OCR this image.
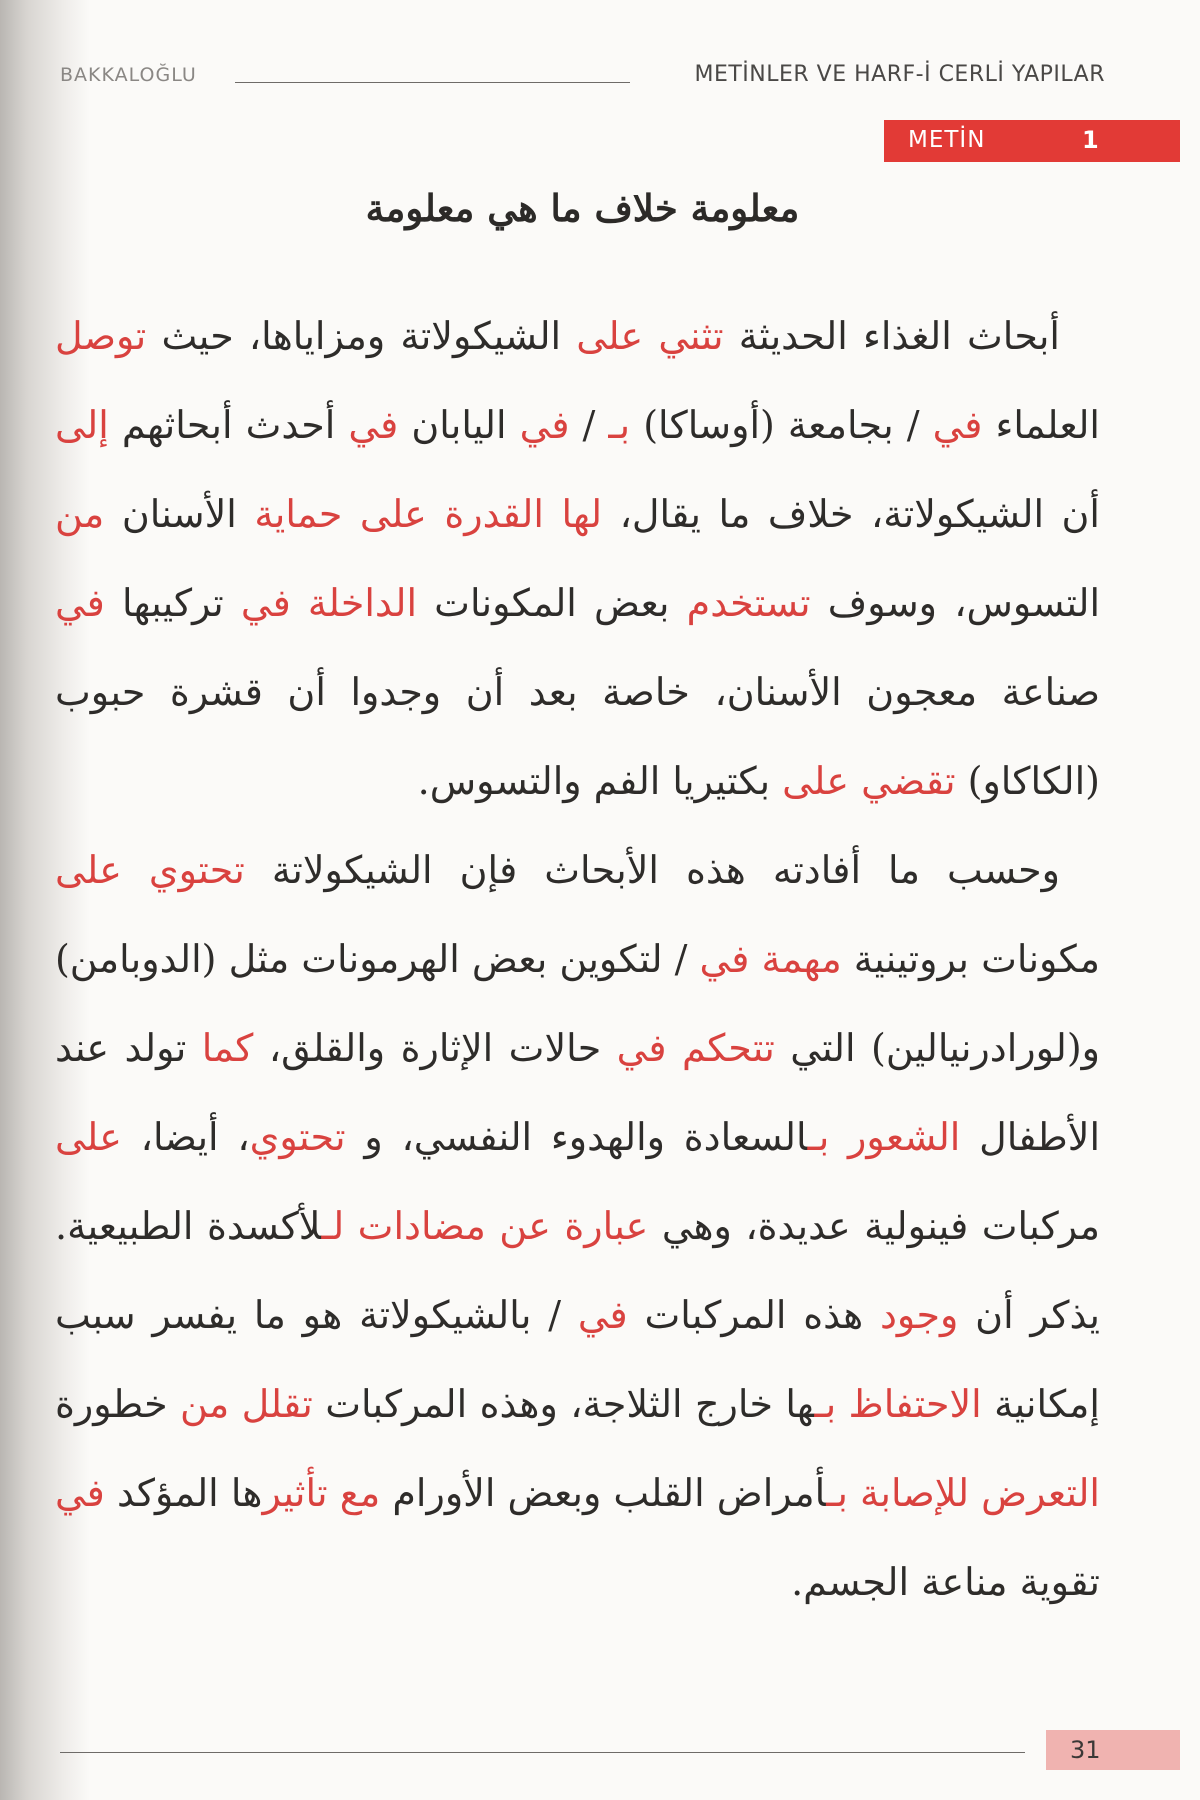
BAKKALOĞLU	METİNLER VE HARF-İ CERLİ YAPILAR
METİN	1
معلومة خلاف ما هي معلومة

أبحاث الغذاء الحديثة تثني على الشيكولاتة ومزاياها، حيث توصل العلماء في / بجامعة (أوساكا) بـ / في اليابان في أحدث أبحاثهم إلى أن الشيكولاتة، خلاف ما يقال، لها القدرة على حماية الأسنان من التسوس، وسوف تستخدم بعض المكونات الداخلة في تركيبها في صناعة معجون الأسنان، خاصة بعد أن وجدوا أن قشرة حبوب (الكاكاو) تقضي على بكتيريا الفم والتسوس.

وحسب ما أفادته هذه الأبحاث فإن الشيكولاتة تحتوي على مكونات بروتينية مهمة في / لتكوين بعض الهرمونات مثل (الدوبامن) و(لورادرنيالين) التي تتحكم في حالات الإثارة والقلق، كما تولد عند الأطفال الشعور بـالسعادة والهدوء النفسي، و تحتوي، أيضا، على مركبات فينولية عديدة، وهي عبارة عن مضادات لـلأكسدة الطبيعية. يذكر أن وجود هذه المركبات في / بالشيكولاتة هو ما يفسر سبب إمكانية الاحتفاظ بـها خارج الثلاجة، وهذه المركبات تقلل من خطورة التعرض للإصابة بـأمراض القلب وبعض الأورام مع تأثيرها المؤكد في تقوية مناعة الجسم.

31
